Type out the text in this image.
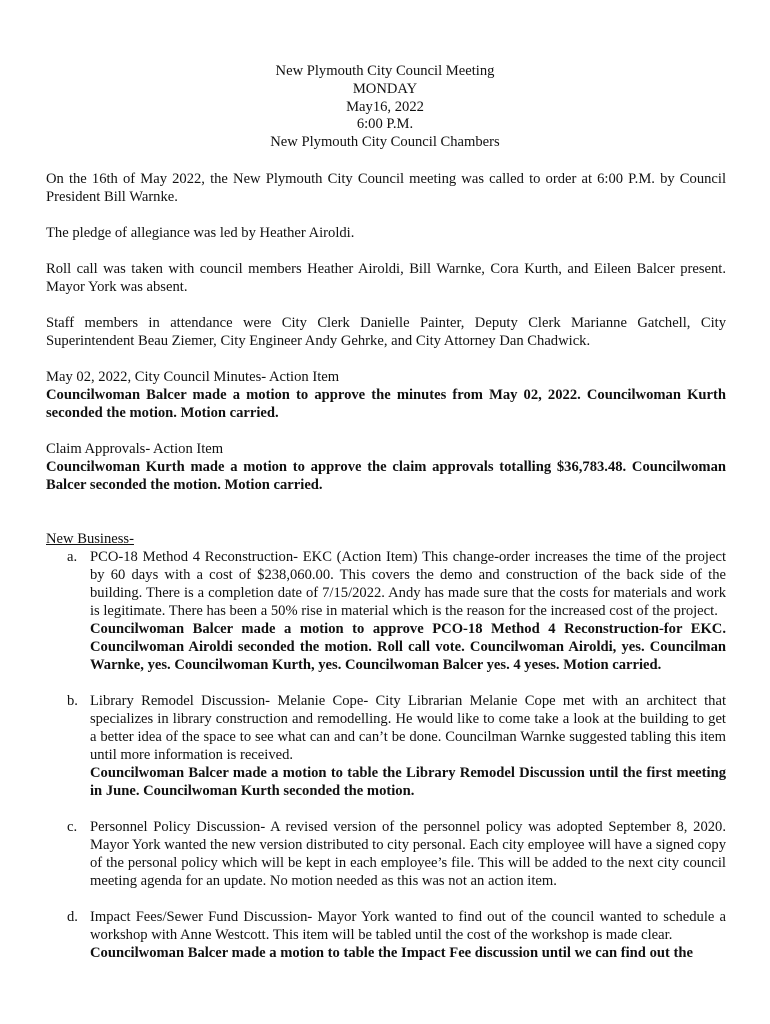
New Plymouth City Council Meeting
MONDAY
May16, 2022
6:00 P.M.
New Plymouth City Council Chambers

On the 16th of May 2022, the New Plymouth City Council meeting was called to order at 6:00 P.M. by Council President Bill Warnke.

The pledge of allegiance was led by Heather Airoldi.

Roll call was taken with council members Heather Airoldi, Bill Warnke, Cora Kurth, and Eileen Balcer present. Mayor York was absent.

Staff members in attendance were City Clerk Danielle Painter, Deputy Clerk Marianne Gatchell, City Superintendent Beau Ziemer, City Engineer Andy Gehrke, and City Attorney Dan Chadwick.

May 02, 2022, City Council Minutes- Action Item

Councilwoman Balcer made a motion to approve the minutes from May 02, 2022. Councilwoman Kurth seconded the motion. Motion carried.

Claim Approvals- Action Item

Councilwoman Kurth made a motion to approve the claim approvals totalling $36,783.48. Councilwoman Balcer seconded the motion. Motion carried.

New Business-
a. PCO-18 Method 4 Reconstruction- EKC (Action Item) This change-order increases the time of the project by 60 days with a cost of $238,060.00. This covers the demo and construction of the back side of the building. There is a completion date of 7/15/2022. Andy has made sure that the costs for materials and work is legitimate. There has been a 50% rise in material which is the reason for the increased cost of the project.
Councilwoman Balcer made a motion to approve PCO-18 Method 4 Reconstruction-for EKC. Councilwoman Airoldi seconded the motion. Roll call vote. Councilwoman Airoldi, yes. Councilman Warnke, yes. Councilwoman Kurth, yes. Councilwoman Balcer yes. 4 yeses. Motion carried.
b. Library Remodel Discussion- Melanie Cope- City Librarian Melanie Cope met with an architect that specializes in library construction and remodelling. He would like to come take a look at the building to get a better idea of the space to see what can and can’t be done. Councilman Warnke suggested tabling this item until more information is received.
Councilwoman Balcer made a motion to table the Library Remodel Discussion until the first meeting in June. Councilwoman Kurth seconded the motion.
c. Personnel Policy Discussion- A revised version of the personnel policy was adopted September 8, 2020. Mayor York wanted the new version distributed to city personal. Each city employee will have a signed copy of the personal policy which will be kept in each employee’s file. This will be added to the next city council meeting agenda for an update. No motion needed as this was not an action item.
d. Impact Fees/Sewer Fund Discussion- Mayor York wanted to find out of the council wanted to schedule a workshop with Anne Westcott. This item will be tabled until the cost of the workshop is made clear.
Councilwoman Balcer made a motion to table the Impact Fee discussion until we can find out the
